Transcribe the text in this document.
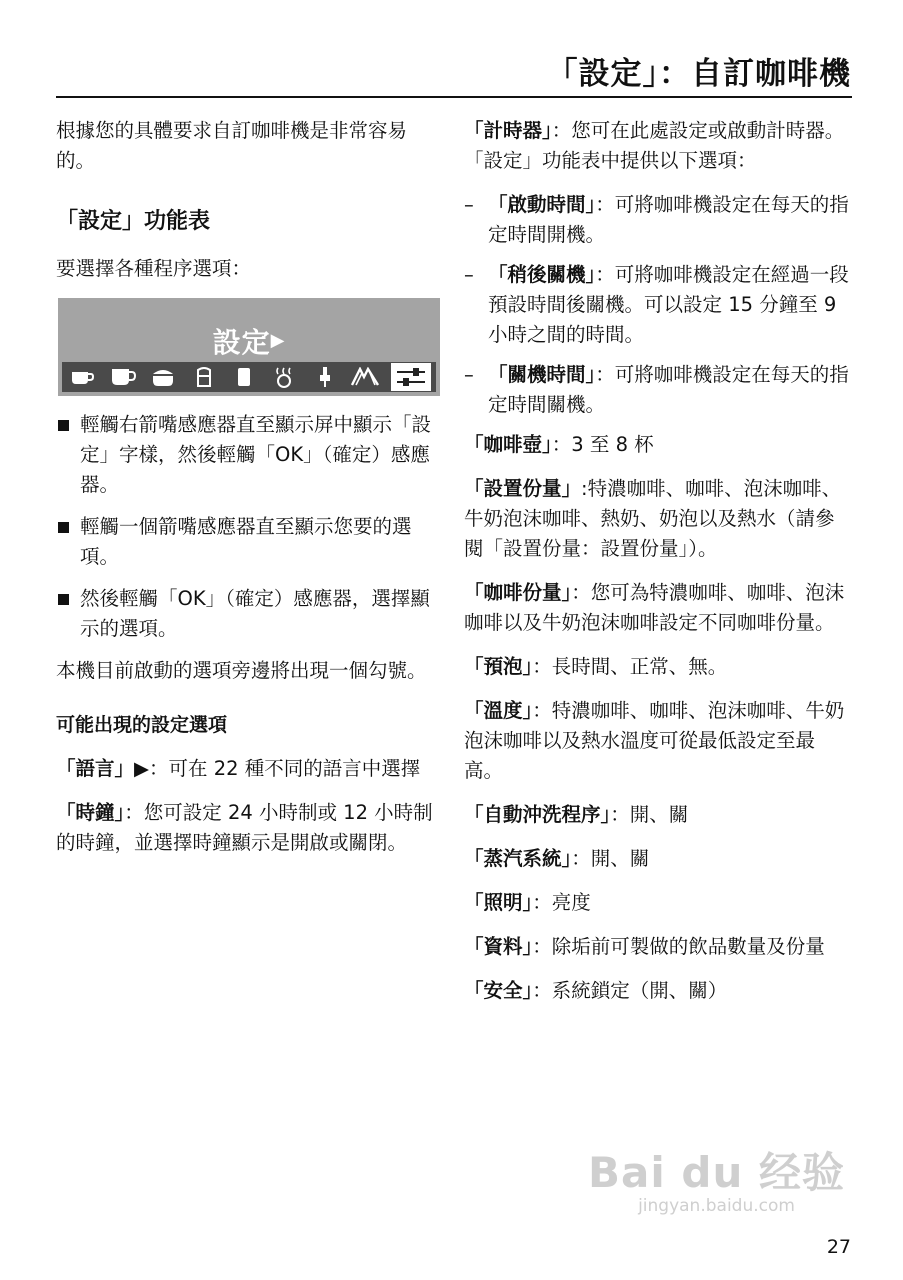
「設定」：自訂咖啡機

根據您的具體要求自訂咖啡機是非常容易的。

「設定」功能表

要選擇各種程序選項：

設定▶
輕觸右箭嘴感應器直至顯示屏中顯示「設定」字樣，然後輕觸「OK」（確定）感應器。
輕觸一個箭嘴感應器直至顯示您要的選項。
然後輕觸「OK」（確定）感應器，選擇顯示的選項。

本機目前啟動的選項旁邊將出現一個勾號。

可能出現的設定選項

「語言」▶：可在 22 種不同的語言中選擇

「時鐘」：您可設定 24 小時制或 12 小時制的時鐘，並選擇時鐘顯示是開啟或關閉。

「計時器」：您可在此處設定或啟動計時器。「設定」功能表中提供以下選項：

– 「啟動時間」：可將咖啡機設定在每天的指定時間開機。
– 「稍後關機」：可將咖啡機設定在經過一段預設時間後關機。可以設定 15 分鐘至 9 小時之間的時間。
– 「關機時間」：可將咖啡機設定在每天的指定時間關機。

「咖啡壺」：3 至 8 杯

「設置份量」:特濃咖啡、咖啡、泡沫咖啡、牛奶泡沫咖啡、熱奶、奶泡以及熱水（請參閱「設置份量：設置份量」）。

「咖啡份量」：您可為特濃咖啡、咖啡、泡沫咖啡以及牛奶泡沫咖啡設定不同咖啡份量。

「預泡」：長時間、正常、無。

「溫度」：特濃咖啡、咖啡、泡沫咖啡、牛奶泡沫咖啡以及熱水溫度可從最低設定至最高。

「自動沖洗程序」：開、關

「蒸汽系統」：開、關

「照明」：亮度

「資料」：除垢前可製做的飲品數量及份量

「安全」：系統鎖定（開、關）

Bai du 经验
jingyan.baidu.com
27
